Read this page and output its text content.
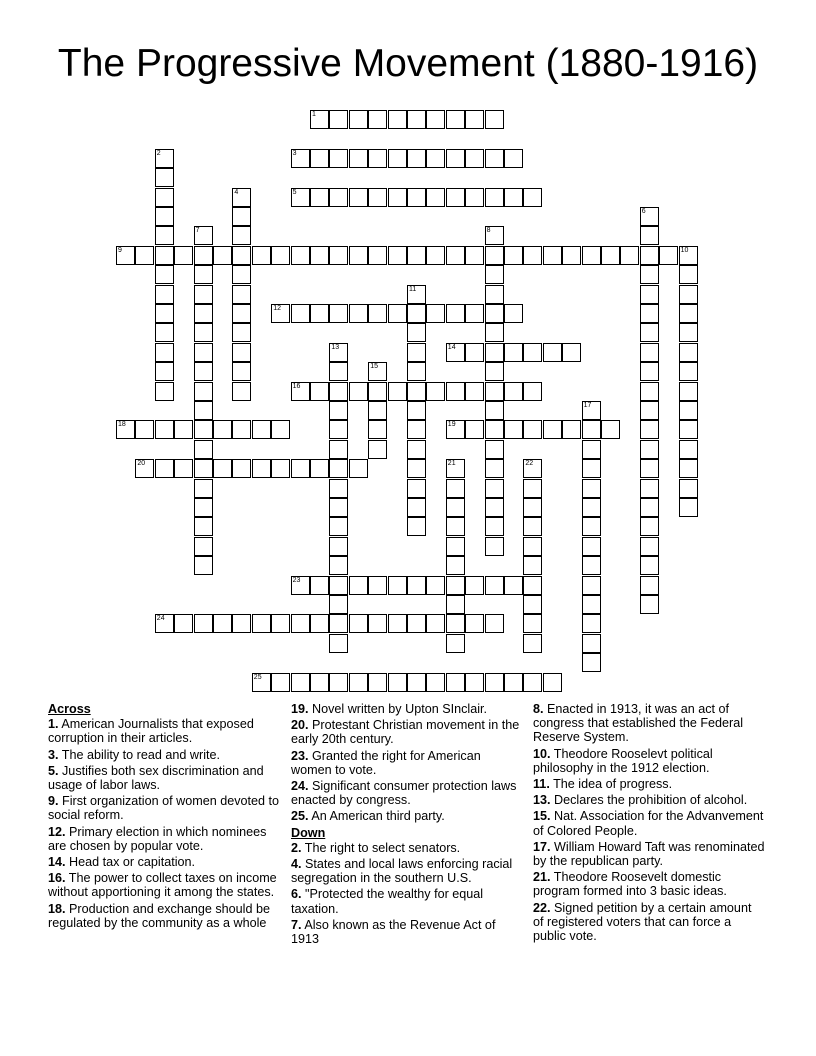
The Progressive Movement (1880-1916)
1
3
5
9	10
12
14
16
18	19
20
23
24
25
2
4
6
7	8
11
13
15
17
21	22
Across
1. American Journalists that exposed corruption in their articles.
3. The ability to read and write.
5. Justifies both sex discrimination and usage of labor laws.
9. First organization of women devoted to social reform.
12. Primary election in which nominees are chosen by popular vote.
14. Head tax or capitation.
16. The power to collect taxes on income without apportioning it among the states.
18. Production and exchange should be regulated by the community as a whole
19. Novel written by Upton SInclair.
20. Protestant Christian movement in the early 20th century.
23. Granted the right for American women to vote.
24. Significant consumer protection laws enacted by congress.
25. An American third party.
Down
2. The right to select senators.
4. States and local laws enforcing racial segregation in the southern U.S.
6. "Protected the wealthy for equal taxation.
7. Also known as the Revenue Act of 1913
8. Enacted in 1913, it was an act of congress that established the Federal Reserve System.
10. Theodore Rooselevt political philosophy in the 1912 election.
11. The idea of progress.
13. Declares the prohibition of alcohol.
15. Nat. Association for the Advanvement of Colored People.
17. William Howard Taft was renominated by the republican party.
21. Theodore Roosevelt domestic program formed into 3 basic ideas.
22. Signed petition by a certain amount of registered voters that can force a public vote.
